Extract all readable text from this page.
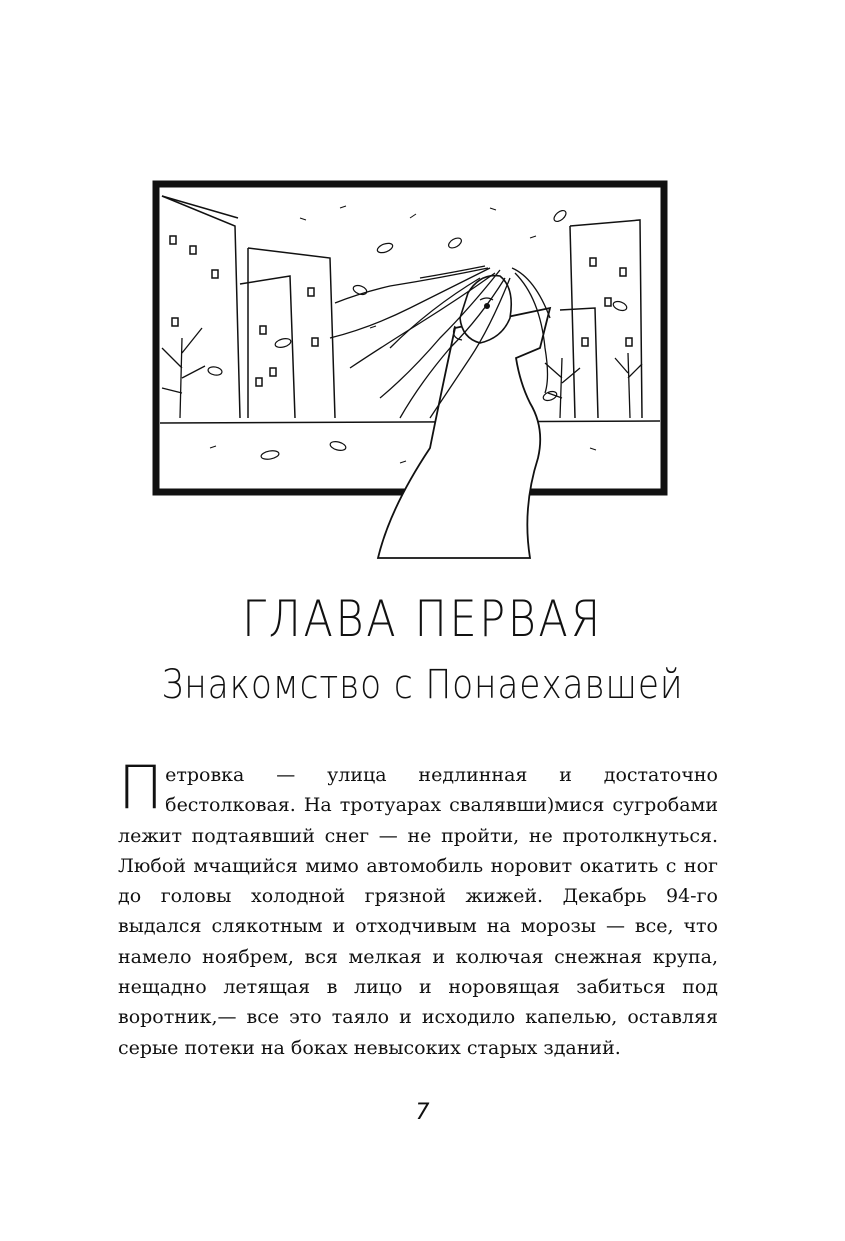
ГЛАВА ПЕРВАЯ
Знакомство с Понаехавшей
Петровка — улица недлинная и достаточно бестолковая. На тротуарах свалявши)мися сугробами лежит подтаявший снег — не пройти, не протолкнуться. Любой мчащийся мимо автомобиль норовит окатить с ног до головы холодной грязной жижей. Декабрь 94-го выдался слякотным и отходчивым на морозы — все, что намело ноябрем, вся мелкая и колючая снежная крупа, нещадно летящая в лицо и норовящая забиться под воротник,— все это таяло и исходило капелью, оставляя серые потеки на боках невысоких старых зданий.
7
